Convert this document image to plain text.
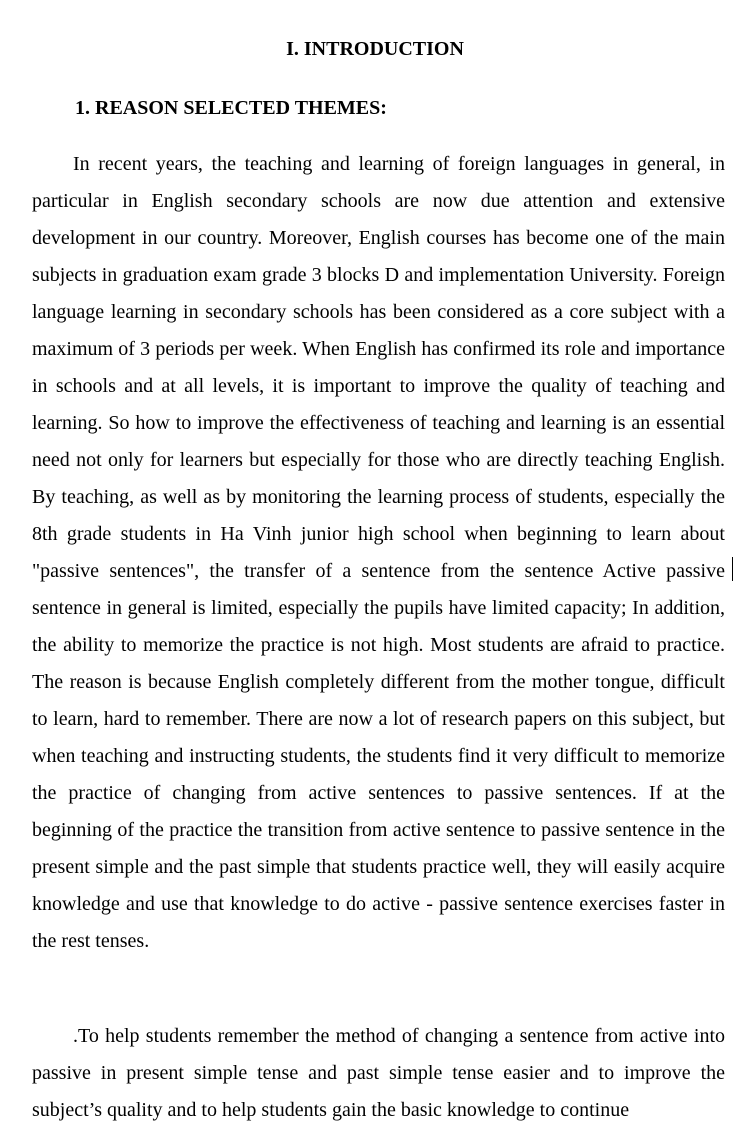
I. INTRODUCTION
1. REASON SELECTED THEMES:

In recent years, the teaching and learning of foreign languages in general, in particular in English secondary schools are now due attention and extensive development in our country. Moreover, English courses has become one of the main subjects in graduation exam grade 3 blocks D and implementation University. Foreign language learning in secondary schools has been considered as a core subject with a maximum of 3 periods per week. When English has confirmed its role and importance in schools and at all levels, it is important to improve the quality of teaching and learning. So how to improve the effectiveness of teaching and learning is an essential need not only for learners but especially for those who are directly teaching English. By teaching, as well as by monitoring the learning process of students, especially the 8th grade students in Ha Vinh junior high school when beginning to learn about "passive sentences", the transfer of a sentence from the sentence Active passive sentence in general is limited, especially the pupils have limited capacity; In addition, the ability to memorize the practice is not high. Most students are afraid to practice. The reason is because English completely different from the mother tongue, difficult to learn, hard to remember. There are now a lot of research papers on this subject, but when teaching and instructing students, the students find it very difficult to memorize the practice of changing from active sentences to passive sentences. If at the beginning of the practice the transition from active sentence to passive sentence in the present simple and the past simple that students practice well, they will easily acquire knowledge and use that knowledge to do active - passive sentence exercises faster in the rest tenses.

.To help students remember the method of changing a sentence from active into passive in present simple tense and past simple tense easier and to improve the subject’s quality and to help students gain the basic knowledge to continue
